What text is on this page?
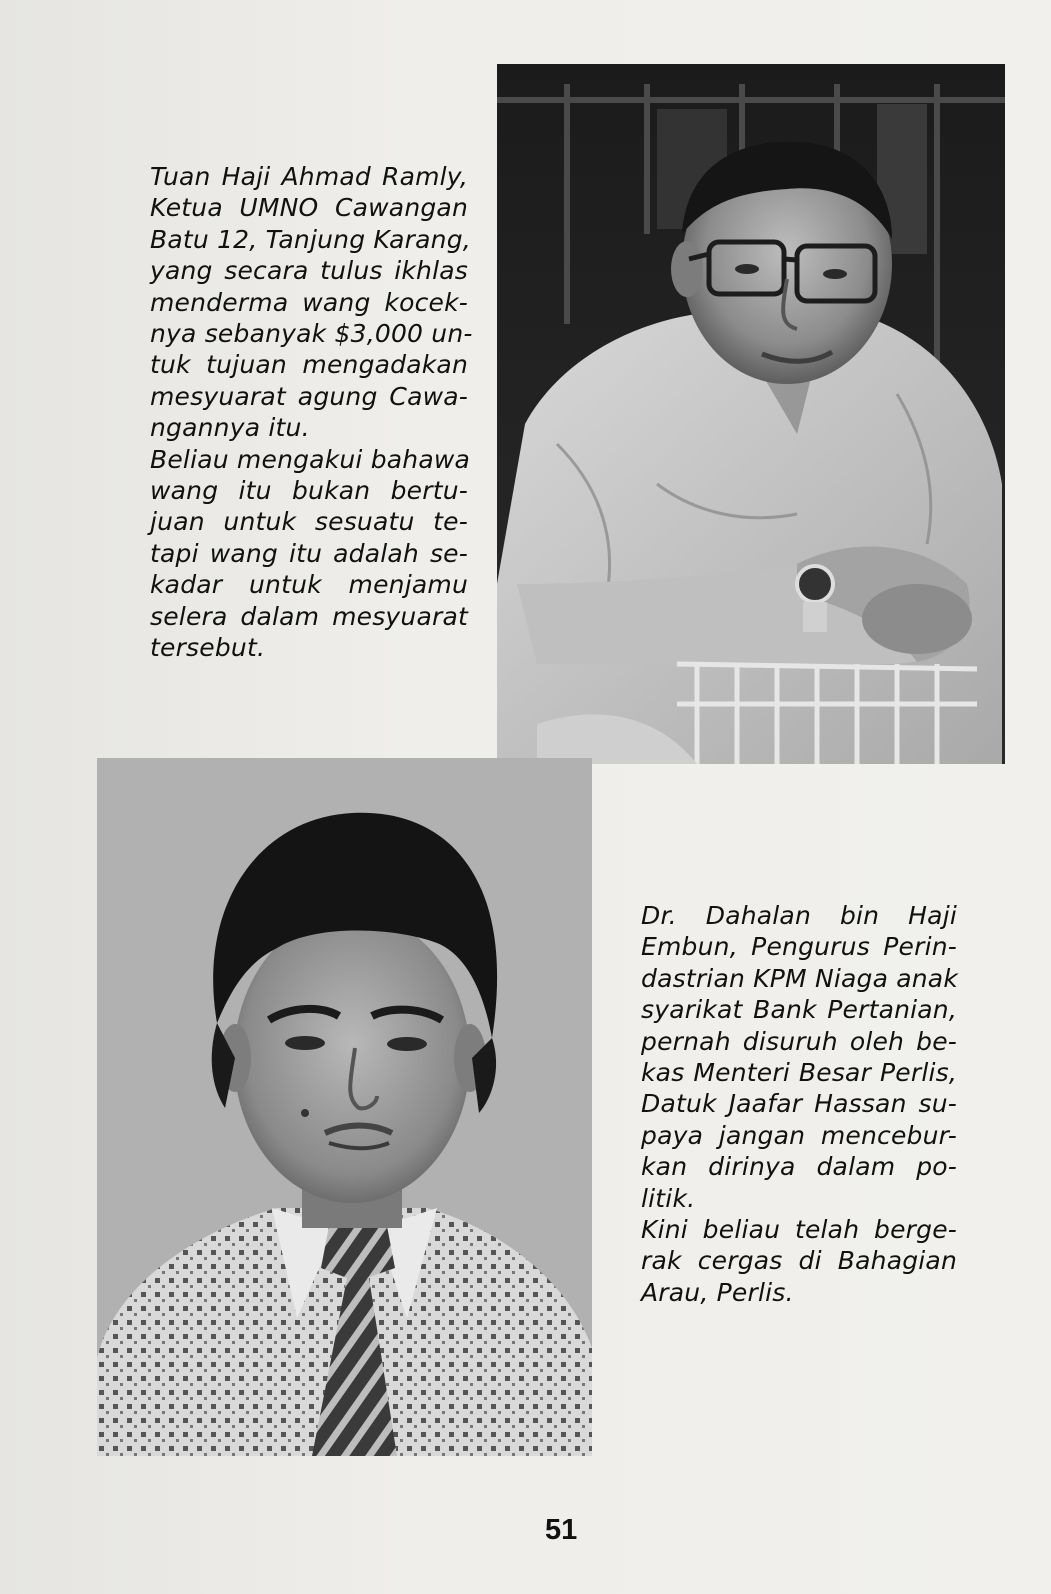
Tuan Haji Ahmad Ramly,
Ketua UMNO Cawangan
Batu 12, Tanjung Karang,
yang secara tulus ikhlas
menderma wang kocek-
nya sebanyak $3,000 un-
tuk tujuan mengadakan
mesyuarat agung Cawa-
ngannya itu.
Beliau mengakui bahawa
wang itu bukan bertu-
juan untuk sesuatu te-
tapi wang itu adalah se-
kadar untuk menjamu
selera dalam mesyuarat
tersebut.
Dr. Dahalan bin Haji
Embun, Pengurus Perin-
dastrian KPM Niaga anak
syarikat Bank Pertanian,
pernah disuruh oleh be-
kas Menteri Besar Perlis,
Datuk Jaafar Hassan su-
paya jangan mencebur-
kan dirinya dalam po-
litik.
Kini beliau telah berge-
rak cergas di Bahagian
Arau, Perlis.
51
